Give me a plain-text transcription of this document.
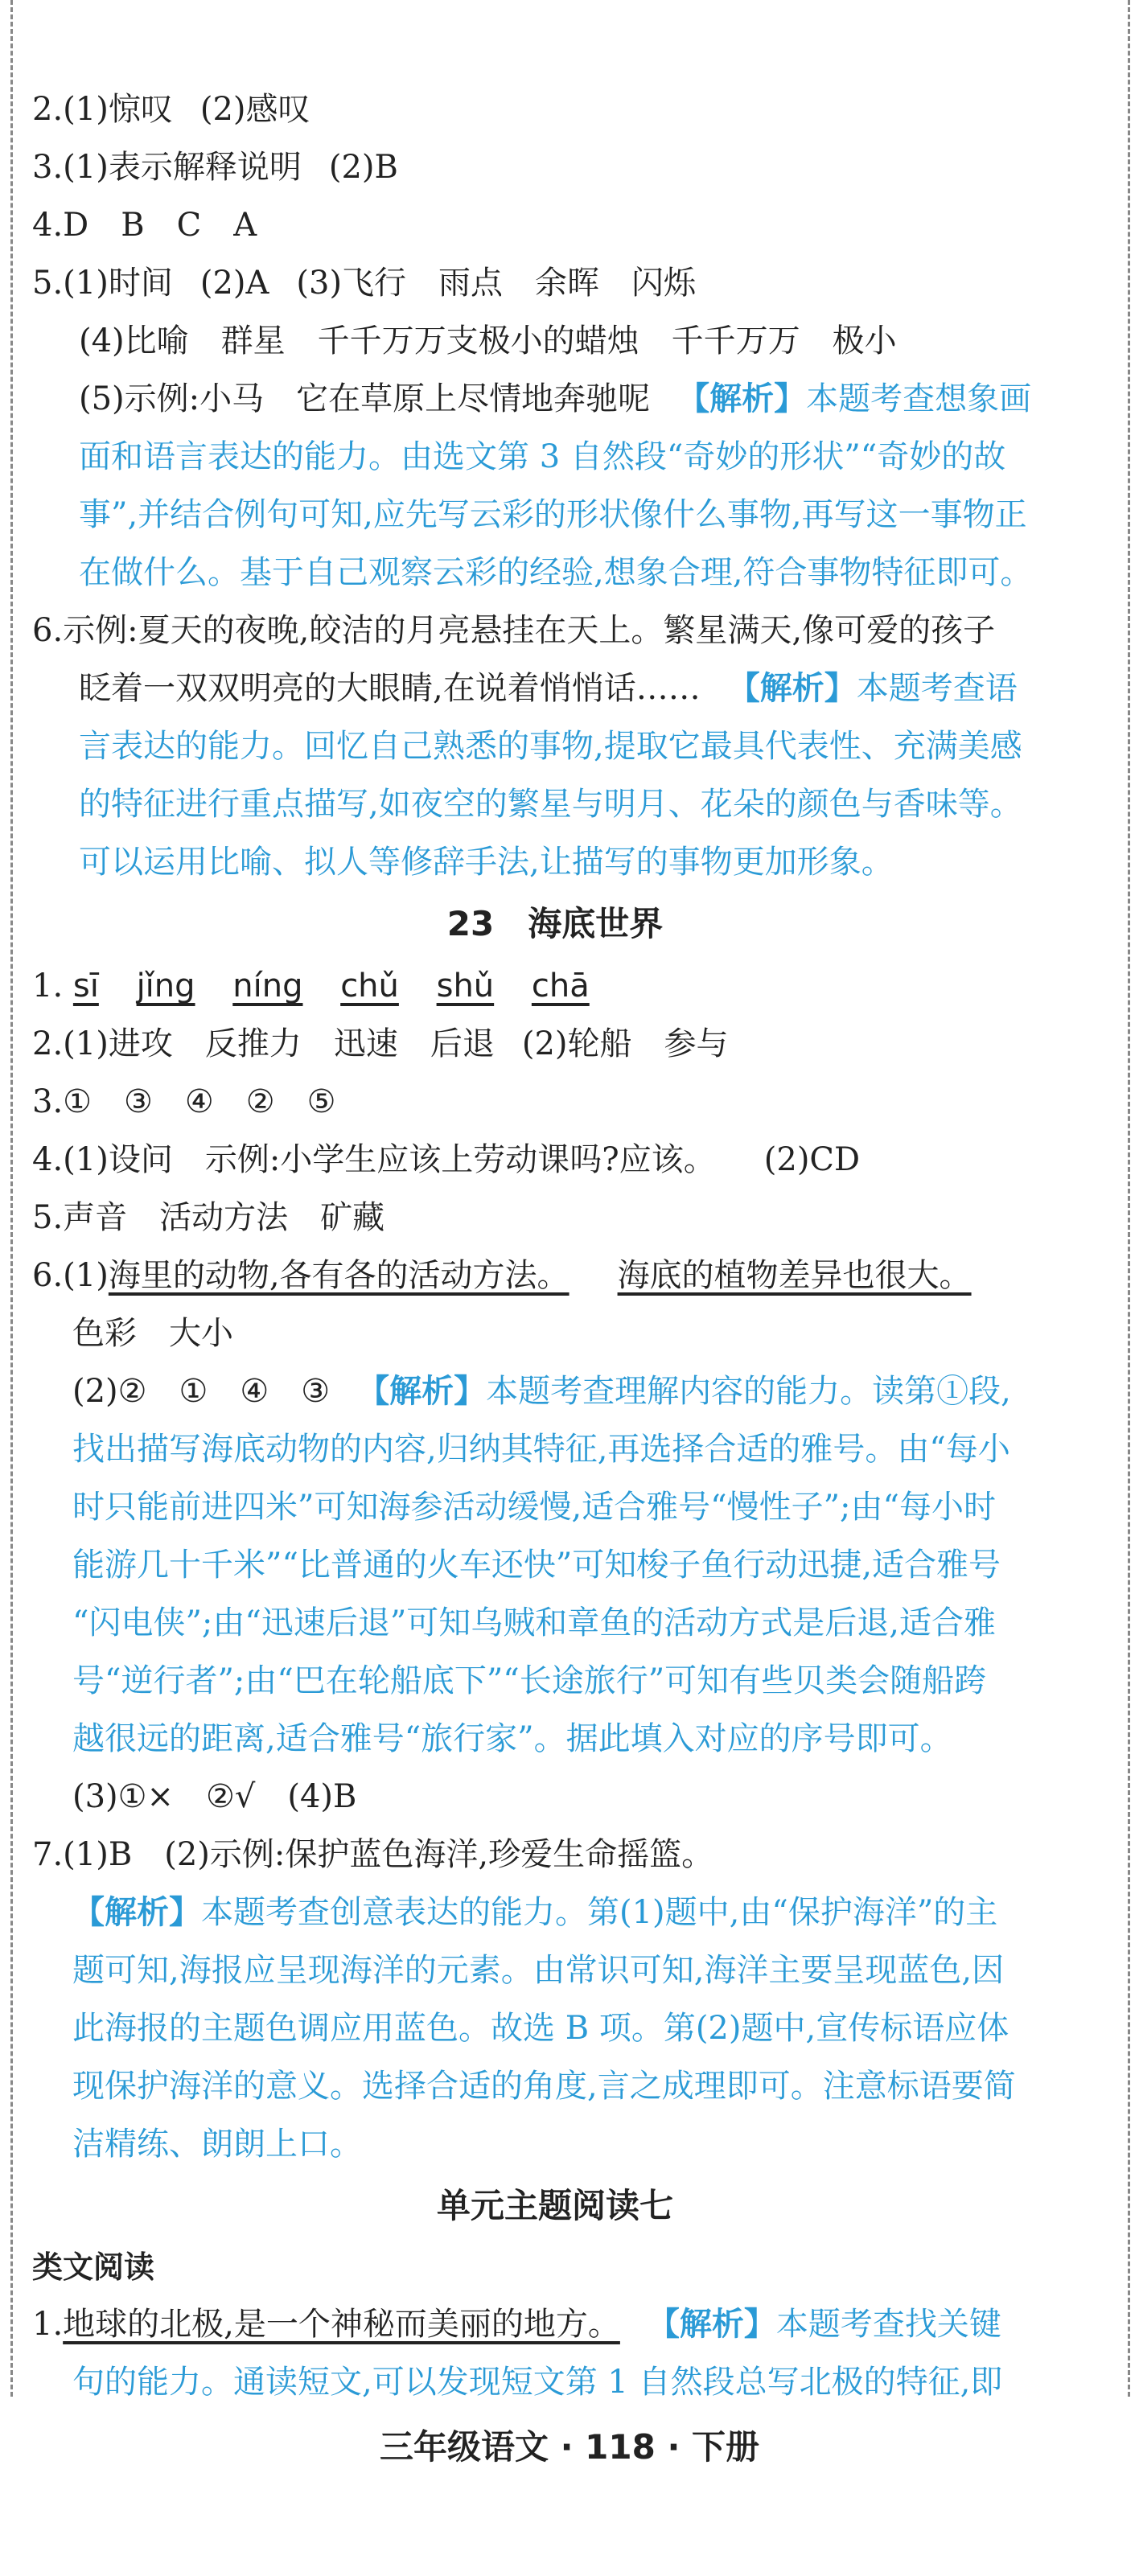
2.(1)惊叹 (2)感叹
3.(1)表示解释说明 (2)B
4.D　B　C　A
5.(1)时间 (2)A (3)飞行　雨点　余晖　闪烁
(4)比喻　群星　千千万万支极小的蜡烛　千千万万　极小
(5)示例:小马　它在草原上尽情地奔驰呢 【解析】本题考查想象画
面和语言表达的能力。由选文第 3 自然段“奇妙的形状”“奇妙的故
事”,并结合例句可知,应先写云彩的形状像什么事物,再写这一事物正
在做什么。基于自己观察云彩的经验,想象合理,符合事物特征即可。
6.示例:夏天的夜晚,皎洁的月亮悬挂在天上。繁星满天,像可爱的孩子
眨着一双双明亮的大眼睛,在说着悄悄话…… 【解析】本题考查语
言表达的能力。回忆自己熟悉的事物,提取它最具代表性、充满美感
的特征进行重点描写,如夜空的繁星与明月、花朵的颜色与香味等。
可以运用比喻、拟人等修辞手法,让描写的事物更加形象。
23　海底世界
1. sī jǐng níng chǔ shǔ chā
2.(1)进攻　反推力　迅速　后退 (2)轮船　参与
3.①　③　④　②　⑤
4.(1)设问　示例:小学生应该上劳动课吗?应该。 (2)CD
5.声音　活动方法　矿藏
6.(1)海里的动物,各有各的活动方法。 海底的植物差异也很大。
色彩　大小
(2)②　①　④　③ 【解析】本题考查理解内容的能力。读第①段,
找出描写海底动物的内容,归纳其特征,再选择合适的雅号。由“每小
时只能前进四米”可知海参活动缓慢,适合雅号“慢性子”;由“每小时
能游几十千米”“比普通的火车还快”可知梭子鱼行动迅捷,适合雅号
“闪电侠”;由“迅速后退”可知乌贼和章鱼的活动方式是后退,适合雅
号“逆行者”;由“巴在轮船底下”“长途旅行”可知有些贝类会随船跨
越很远的距离,适合雅号“旅行家”。据此填入对应的序号即可。
(3)①×　②√　(4)B
7.(1)B　(2)示例:保护蓝色海洋,珍爱生命摇篮。
【解析】本题考查创意表达的能力。第(1)题中,由“保护海洋”的主
题可知,海报应呈现海洋的元素。由常识可知,海洋主要呈现蓝色,因
此海报的主题色调应用蓝色。故选 B 项。第(2)题中,宣传标语应体
现保护海洋的意义。选择合适的角度,言之成理即可。注意标语要简
洁精练、朗朗上口。
单元主题阅读七
类文阅读
1.地球的北极,是一个神秘而美丽的地方。 【解析】本题考查找关键
句的能力。通读短文,可以发现短文第 1 自然段总写北极的特征,即
三年级语文 · 118 · 下册
